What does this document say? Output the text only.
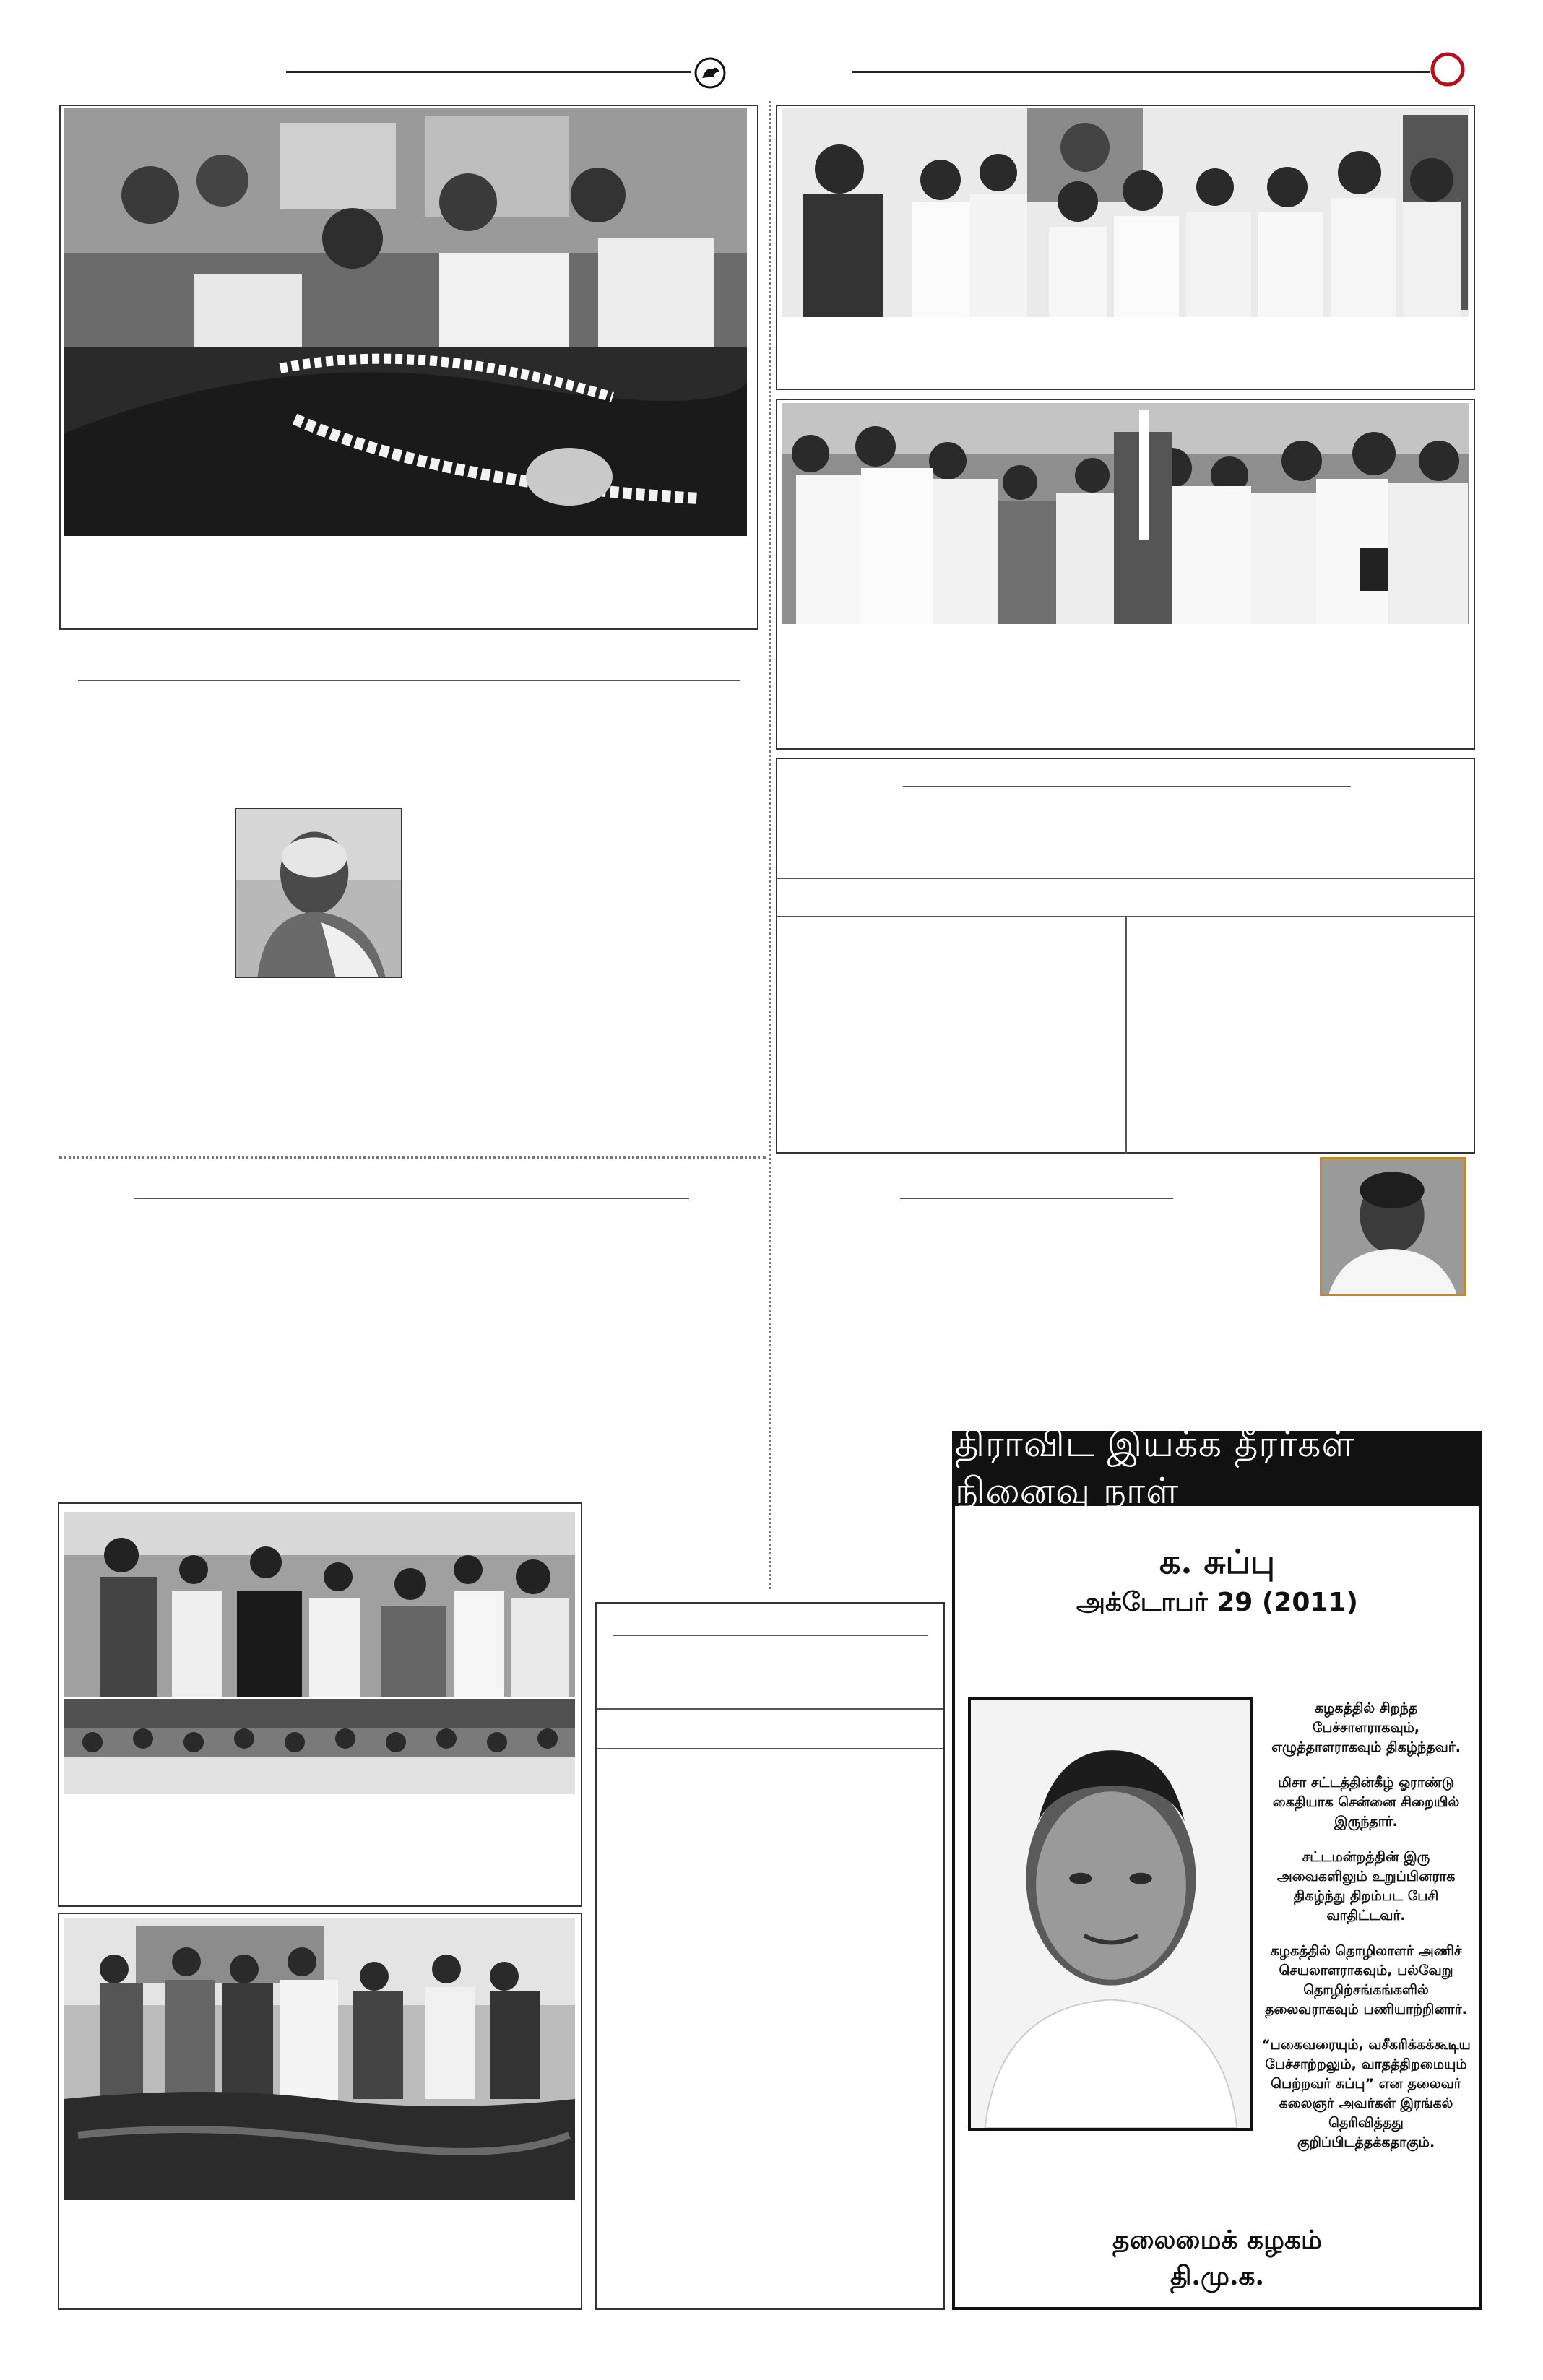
திராவிட இயக்க தீரர்கள் நினைவு நாள்
க. சுப்பு
அக்டோபர் 29 (2011)

கழகத்தில் சிறந்த பேச்சாளராகவும், எழுத்தாளராகவும் திகழ்ந்தவர்.

மிசா சட்டத்தின்கீழ் ஓராண்டு கைதியாக சென்னை சிறையில் இருந்தார்.

சட்டமன்றத்தின் இரு அவைகளிலும் உறுப்பினராக திகழ்ந்து திறம்பட பேசி வாதிட்டவர்.

கழகத்தில் தொழிலாளர் அணிச் செயலாளராகவும், பல்வேறு தொழிற்சங்கங்களில் தலைவராகவும் பணியாற்றினார்.

“பகைவரையும், வசீகரிக்கக்கூடிய பேச்சாற்றலும், வாதத்திறமையும் பெற்றவர் சுப்பு” என தலைவர் கலைஞர் அவர்கள் இரங்கல் தெரிவித்தது குறிப்பிடத்தக்கதாகும்.

தலைமைக் கழகம்
தி.மு.க.
